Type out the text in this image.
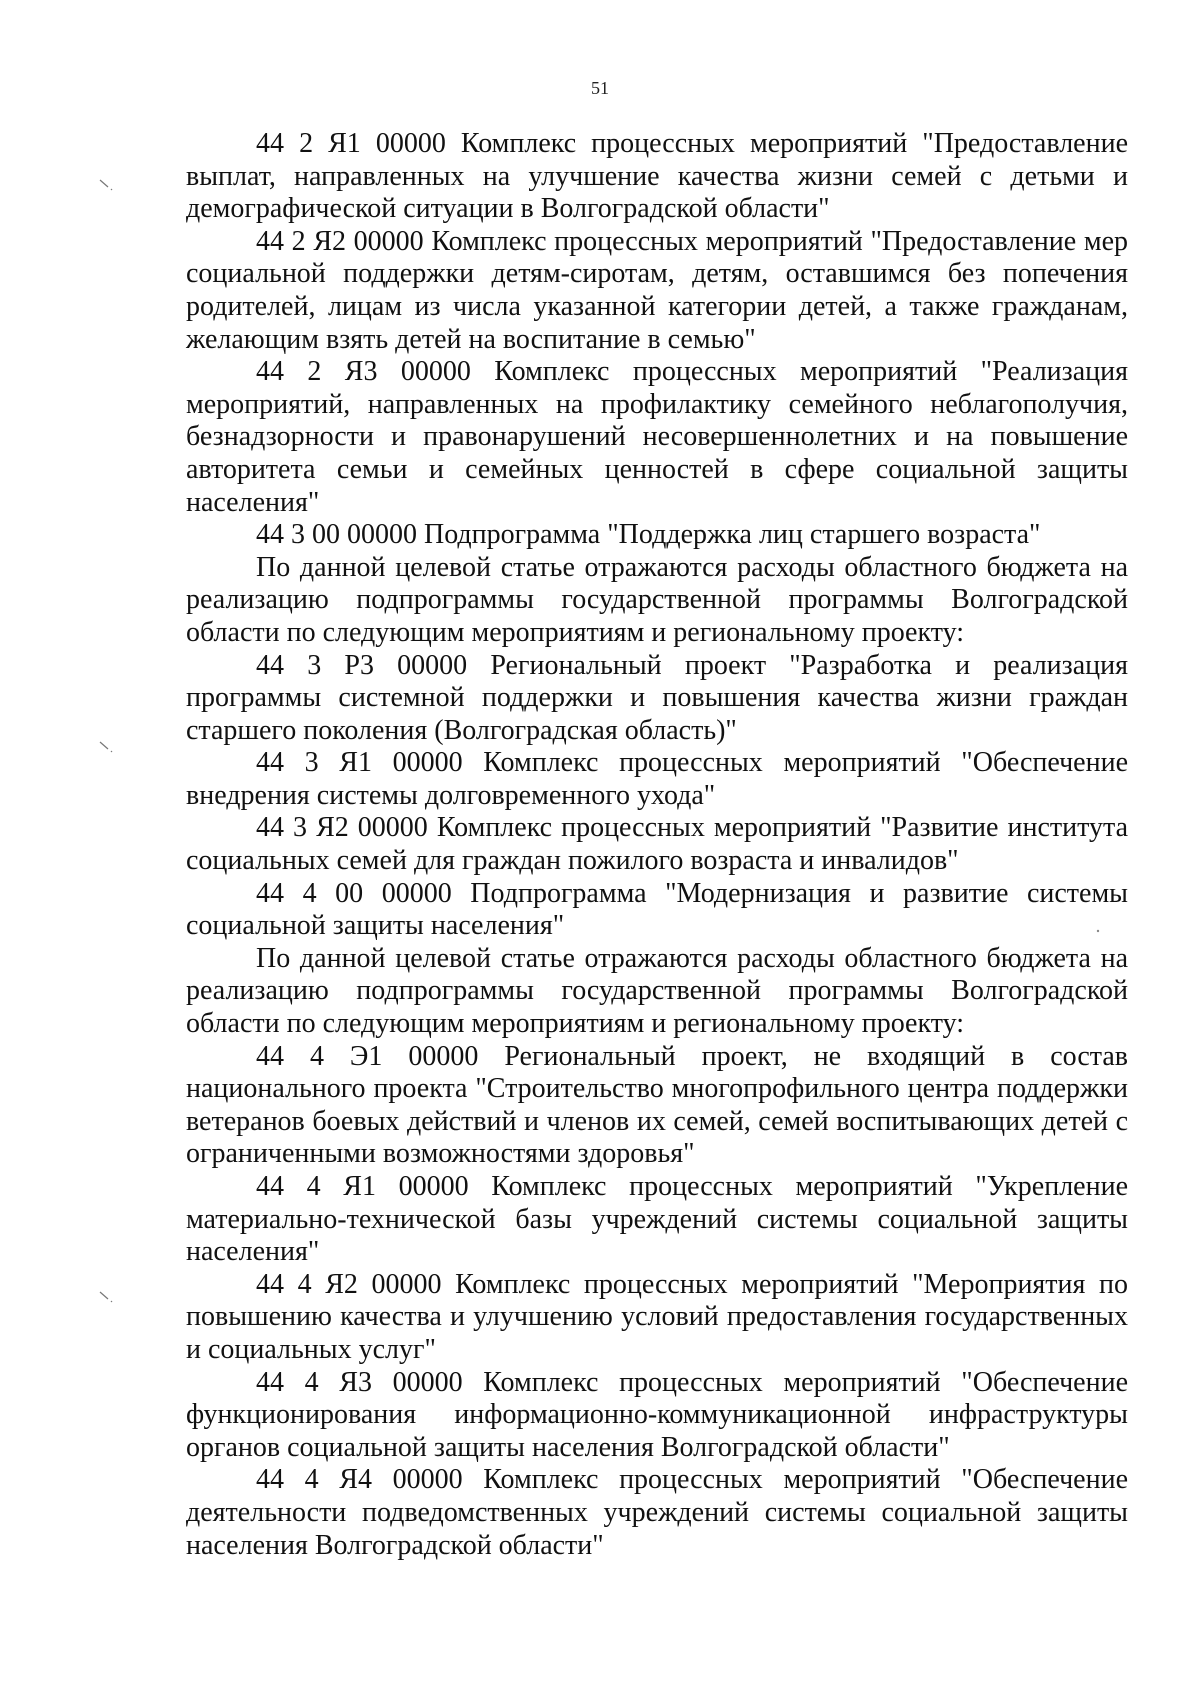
51

44 2 Я1 00000 Комплекс процессных мероприятий "Предоставление выплат, направленных на улучшение качества жизни семей с детьми и демографической ситуации в Волгоградской области"

44 2 Я2 00000 Комплекс процессных мероприятий "Предоставление мер социальной поддержки детям-сиротам, детям, оставшимся без попечения родителей, лицам из числа указанной категории детей, а также гражданам, желающим взять детей на воспитание в семью"

44 2 Я3 00000 Комплекс процессных мероприятий "Реализация мероприятий, направленных на профилактику семейного неблагополучия, безнадзорности и правонарушений несовершеннолетних и на повышение авторитета семьи и семейных ценностей в сфере социальной защиты населения"

44 3 00 00000 Подпрограмма "Поддержка лиц старшего возраста"

По данной целевой статье отражаются расходы областного бюджета на реализацию подпрограммы государственной программы Волгоградской области по следующим мероприятиям и региональному проекту:

44 3 P3 00000 Региональный проект "Разработка и реализация программы системной поддержки и повышения качества жизни граждан старшего поколения (Волгоградская область)"

44 3 Я1 00000 Комплекс процессных мероприятий "Обеспечение внедрения системы долговременного ухода"

44 3 Я2 00000 Комплекс процессных мероприятий "Развитие института социальных семей для граждан пожилого возраста и инвалидов"

44 4 00 00000 Подпрограмма "Модернизация и развитие системы социальной защиты населения"

По данной целевой статье отражаются расходы областного бюджета на реализацию подпрограммы государственной программы Волгоградской области по следующим мероприятиям и региональному проекту:

44 4 Э1 00000 Региональный проект, не входящий в состав национального проекта "Строительство многопрофильного центра поддержки ветеранов боевых действий и членов их семей, семей воспитывающих детей с ограниченными возможностями здоровья"

44 4 Я1 00000 Комплекс процессных мероприятий "Укрепление материально-технической базы учреждений системы социальной защиты населения"

44 4 Я2 00000 Комплекс процессных мероприятий "Мероприятия по повышению качества и улучшению условий предоставления государственных и социальных услуг"

44 4 Я3 00000 Комплекс процессных мероприятий "Обеспечение функционирования информационно-коммуникационной инфраструктуры органов социальной защиты населения Волгоградской области"

44 4 Я4 00000 Комплекс процессных мероприятий "Обеспечение деятельности подведомственных учреждений системы социальной защиты населения Волгоградской области"
